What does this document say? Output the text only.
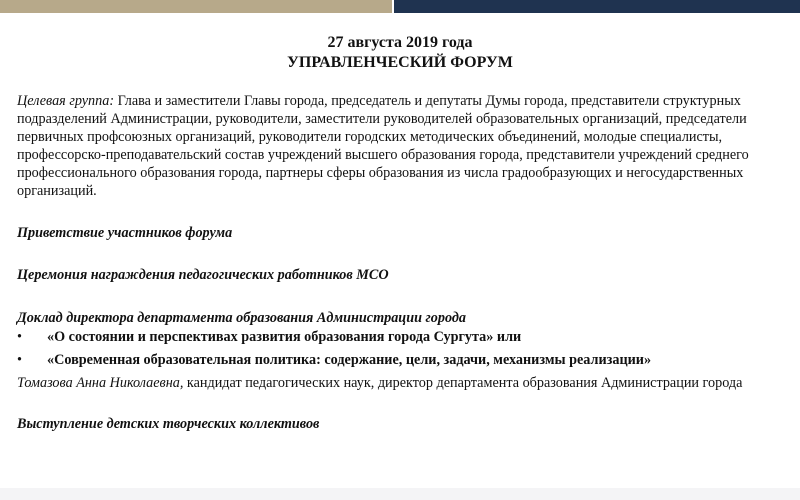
27 августа 2019 года
УПРАВЛЕНЧЕСКИЙ ФОРУМ

Целевая группа: Глава и заместители Главы города, председатель и депутаты Думы города, представители структурных подразделений Администрации, руководители, заместители руководителей образовательных организаций, председатели первичных профсоюзных организаций, руководители городских методических объединений, молодые специалисты, профессорско-преподавательский состав учреждений высшего образования города, представители учреждений среднего профессионального образования города, партнеры сферы образования из числа градообразующих и негосударственных организаций.

Приветствие участников форума

Церемония награждения педагогических работников МСО

Доклад директора департамента образования Администрации города

• «О состоянии и перспективах развития образования города Сургута» или
• «Современная образовательная политика: содержание, цели, задачи, механизмы реализации»

Томазова Анна Николаевна, кандидат педагогических наук, директор департамента образования Администрации города

Выступление детских творческих коллективов
